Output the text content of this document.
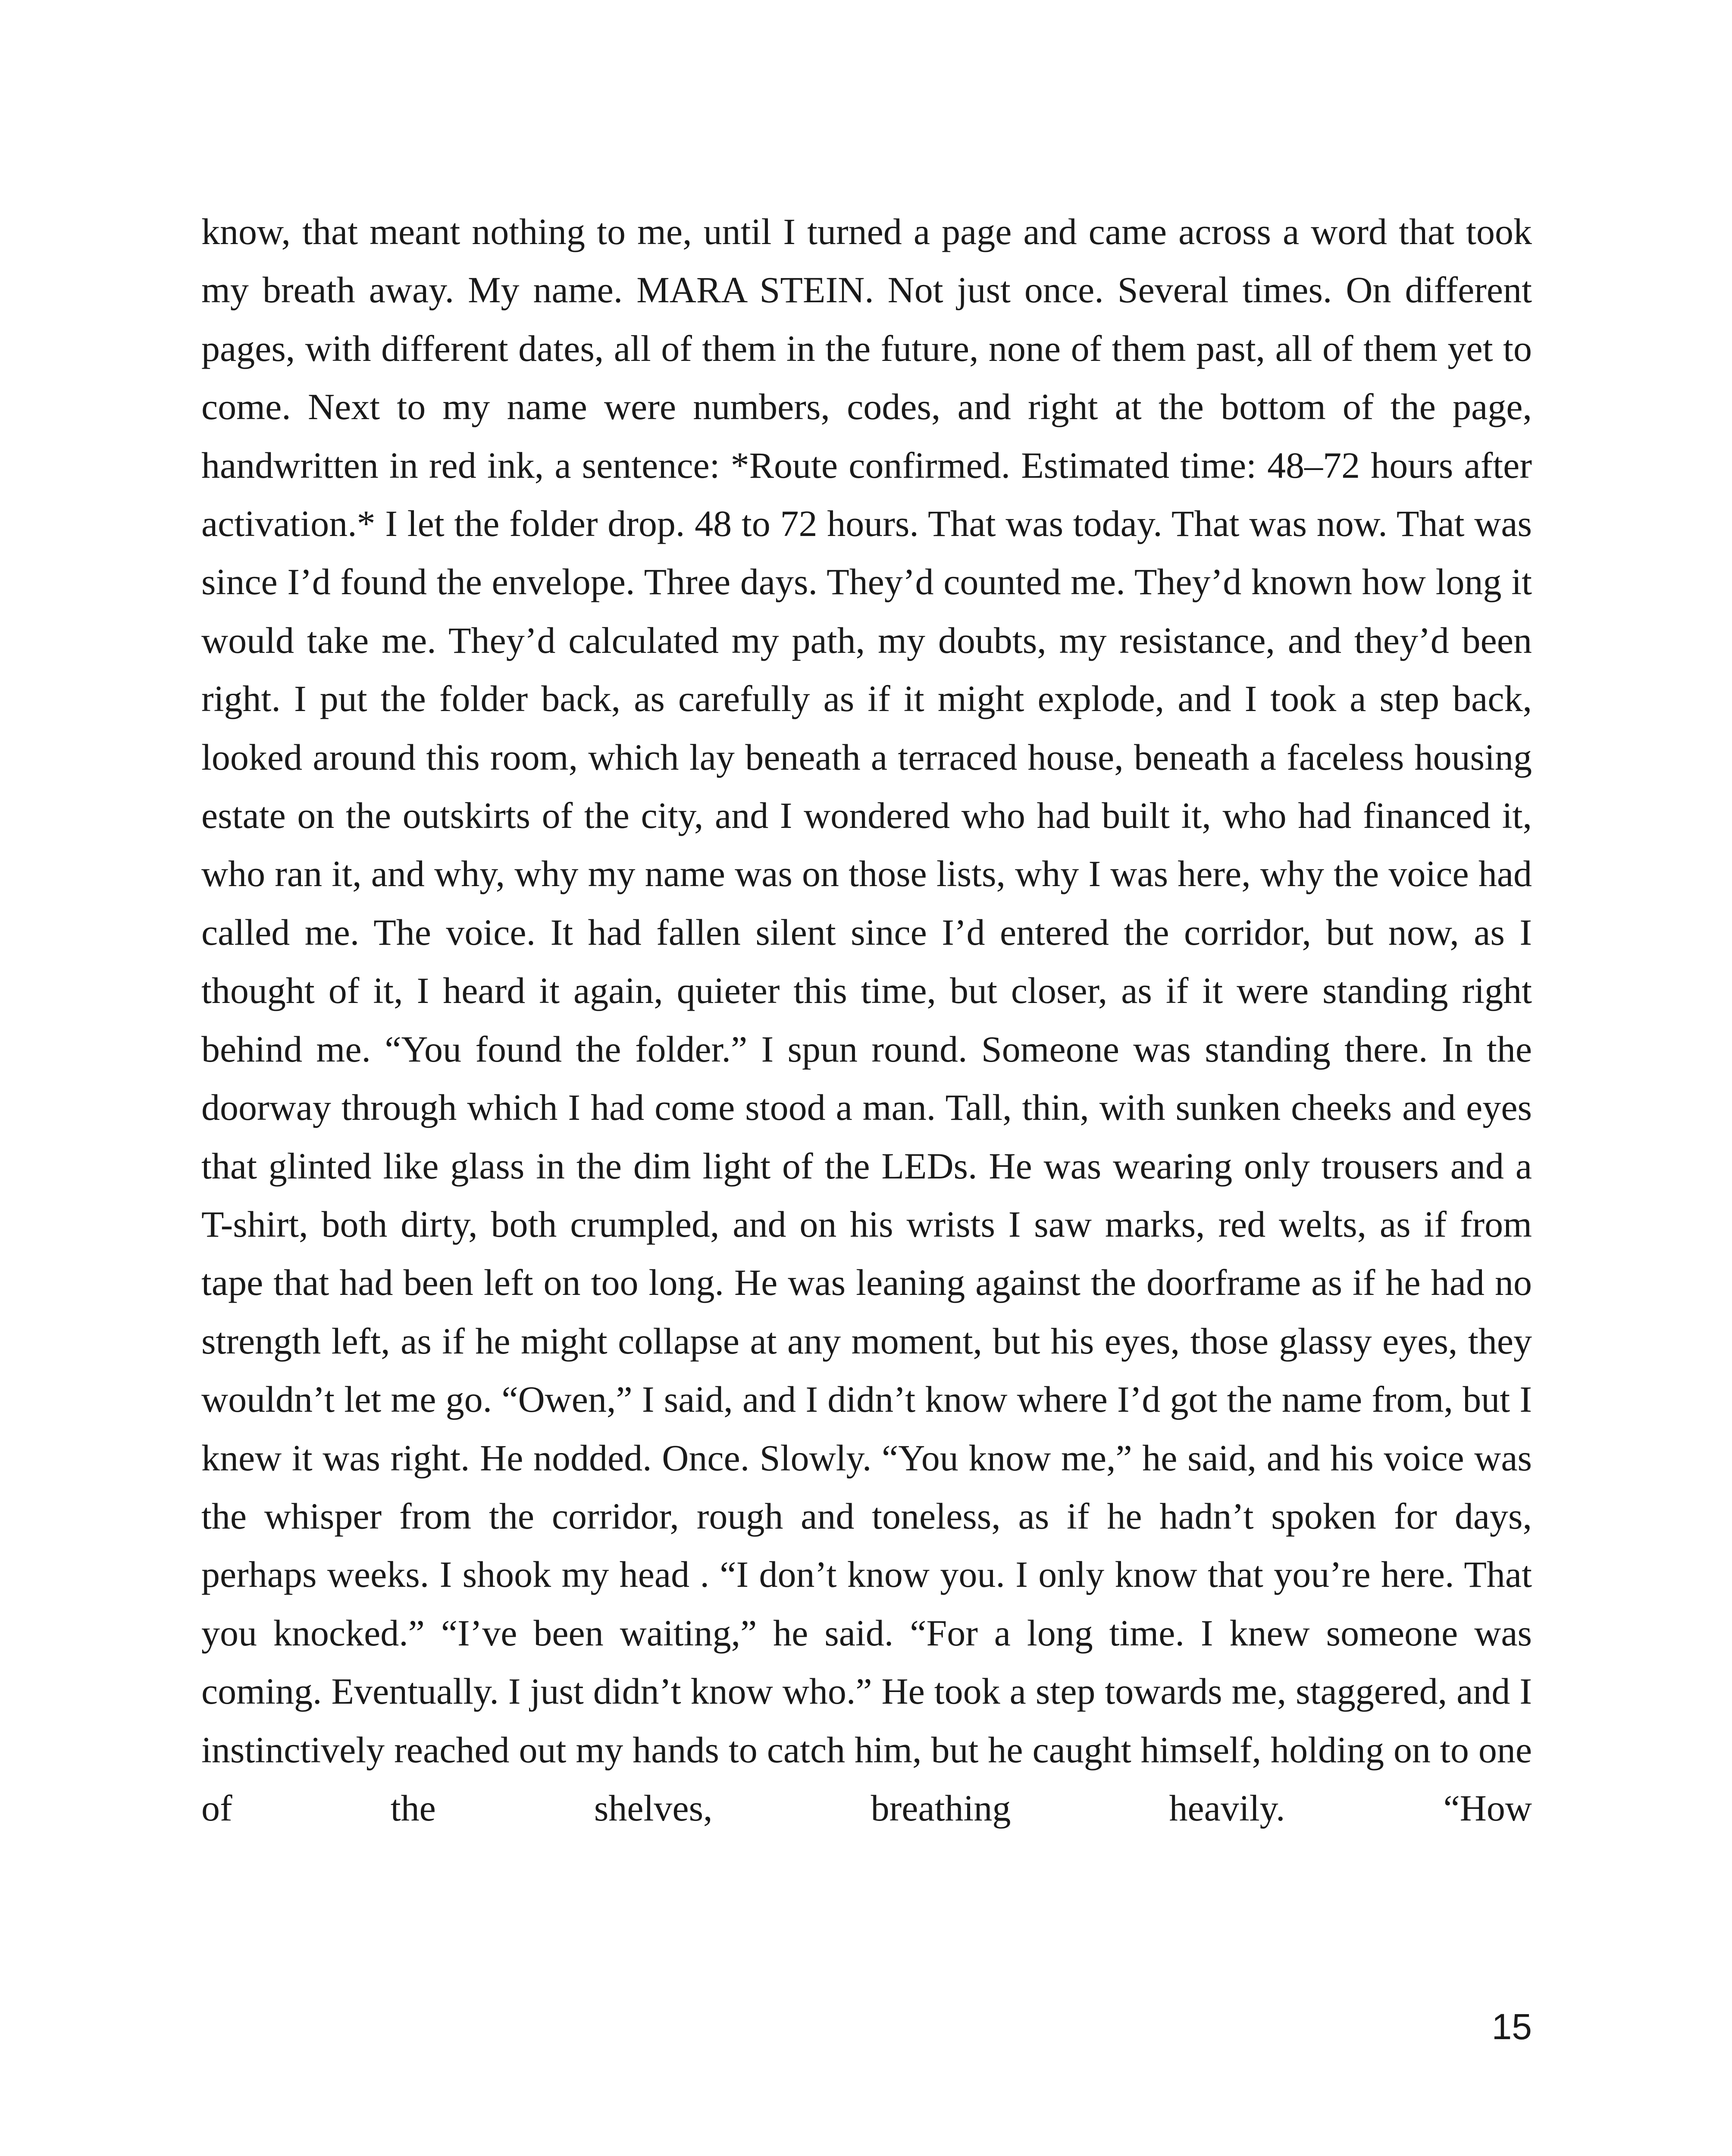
know, that meant nothing to me, until I turned a page and came across a word that took my breath away. My name. MARA STEIN. Not just once. Several times. On different pages, with different dates, all of them in the future, none of them past, all of them yet to come. Next to my name were numbers, codes, and right at the bottom of the page, handwritten in red ink, a sentence: *Route confirmed. Estimated time: 48–72 hours after activation.* I let the folder drop. 48 to 72 hours. That was today. That was now. That was since I’d found the envelope. Three days. They’d counted me. They’d known how long it would take me. They’d calculated my path, my doubts, my resistance, and they’d been right. I put the folder back, as carefully as if it might explode, and I took a step back, looked around this room, which lay beneath a terraced house, beneath a faceless housing estate on the outskirts of the city, and I wondered who had built it, who had financed it, who ran it, and why, why my name was on those lists, why I was here, why the voice had called me. The voice. It had fallen silent since I’d entered the corridor, but now, as I thought of it, I heard it again, quieter this time, but closer, as if it were standing right behind me. “You found the folder.” I spun round. Someone was standing there. In the doorway through which I had come stood a man. Tall, thin, with sunken cheeks and eyes that glinted like glass in the dim light of the LEDs. He was wearing only trousers and a T-shirt, both dirty, both crumpled, and on his wrists I saw marks, red welts, as if from tape that had been left on too long. He was leaning against the doorframe as if he had no strength left, as if he might collapse at any moment, but his eyes, those glassy eyes, they wouldn’t let me go. “Owen,” I said, and I didn’t know where I’d got the name from, but I knew it was right. He nodded. Once. Slowly. “You know me,” he said, and his voice was the whisper from the corridor, rough and toneless, as if he hadn’t spoken for days, perhaps weeks. I shook my head . “I don’t know you. I only know that you’re here. That you knocked.” “I’ve been waiting,” he said. “For a long time. I knew someone was coming. Eventually. I just didn’t know who.” He took a step towards me, staggered, and I instinctively reached out my hands to catch him, but he caught himself, holding on to one of the shelves, breathing heavily. “How

15
